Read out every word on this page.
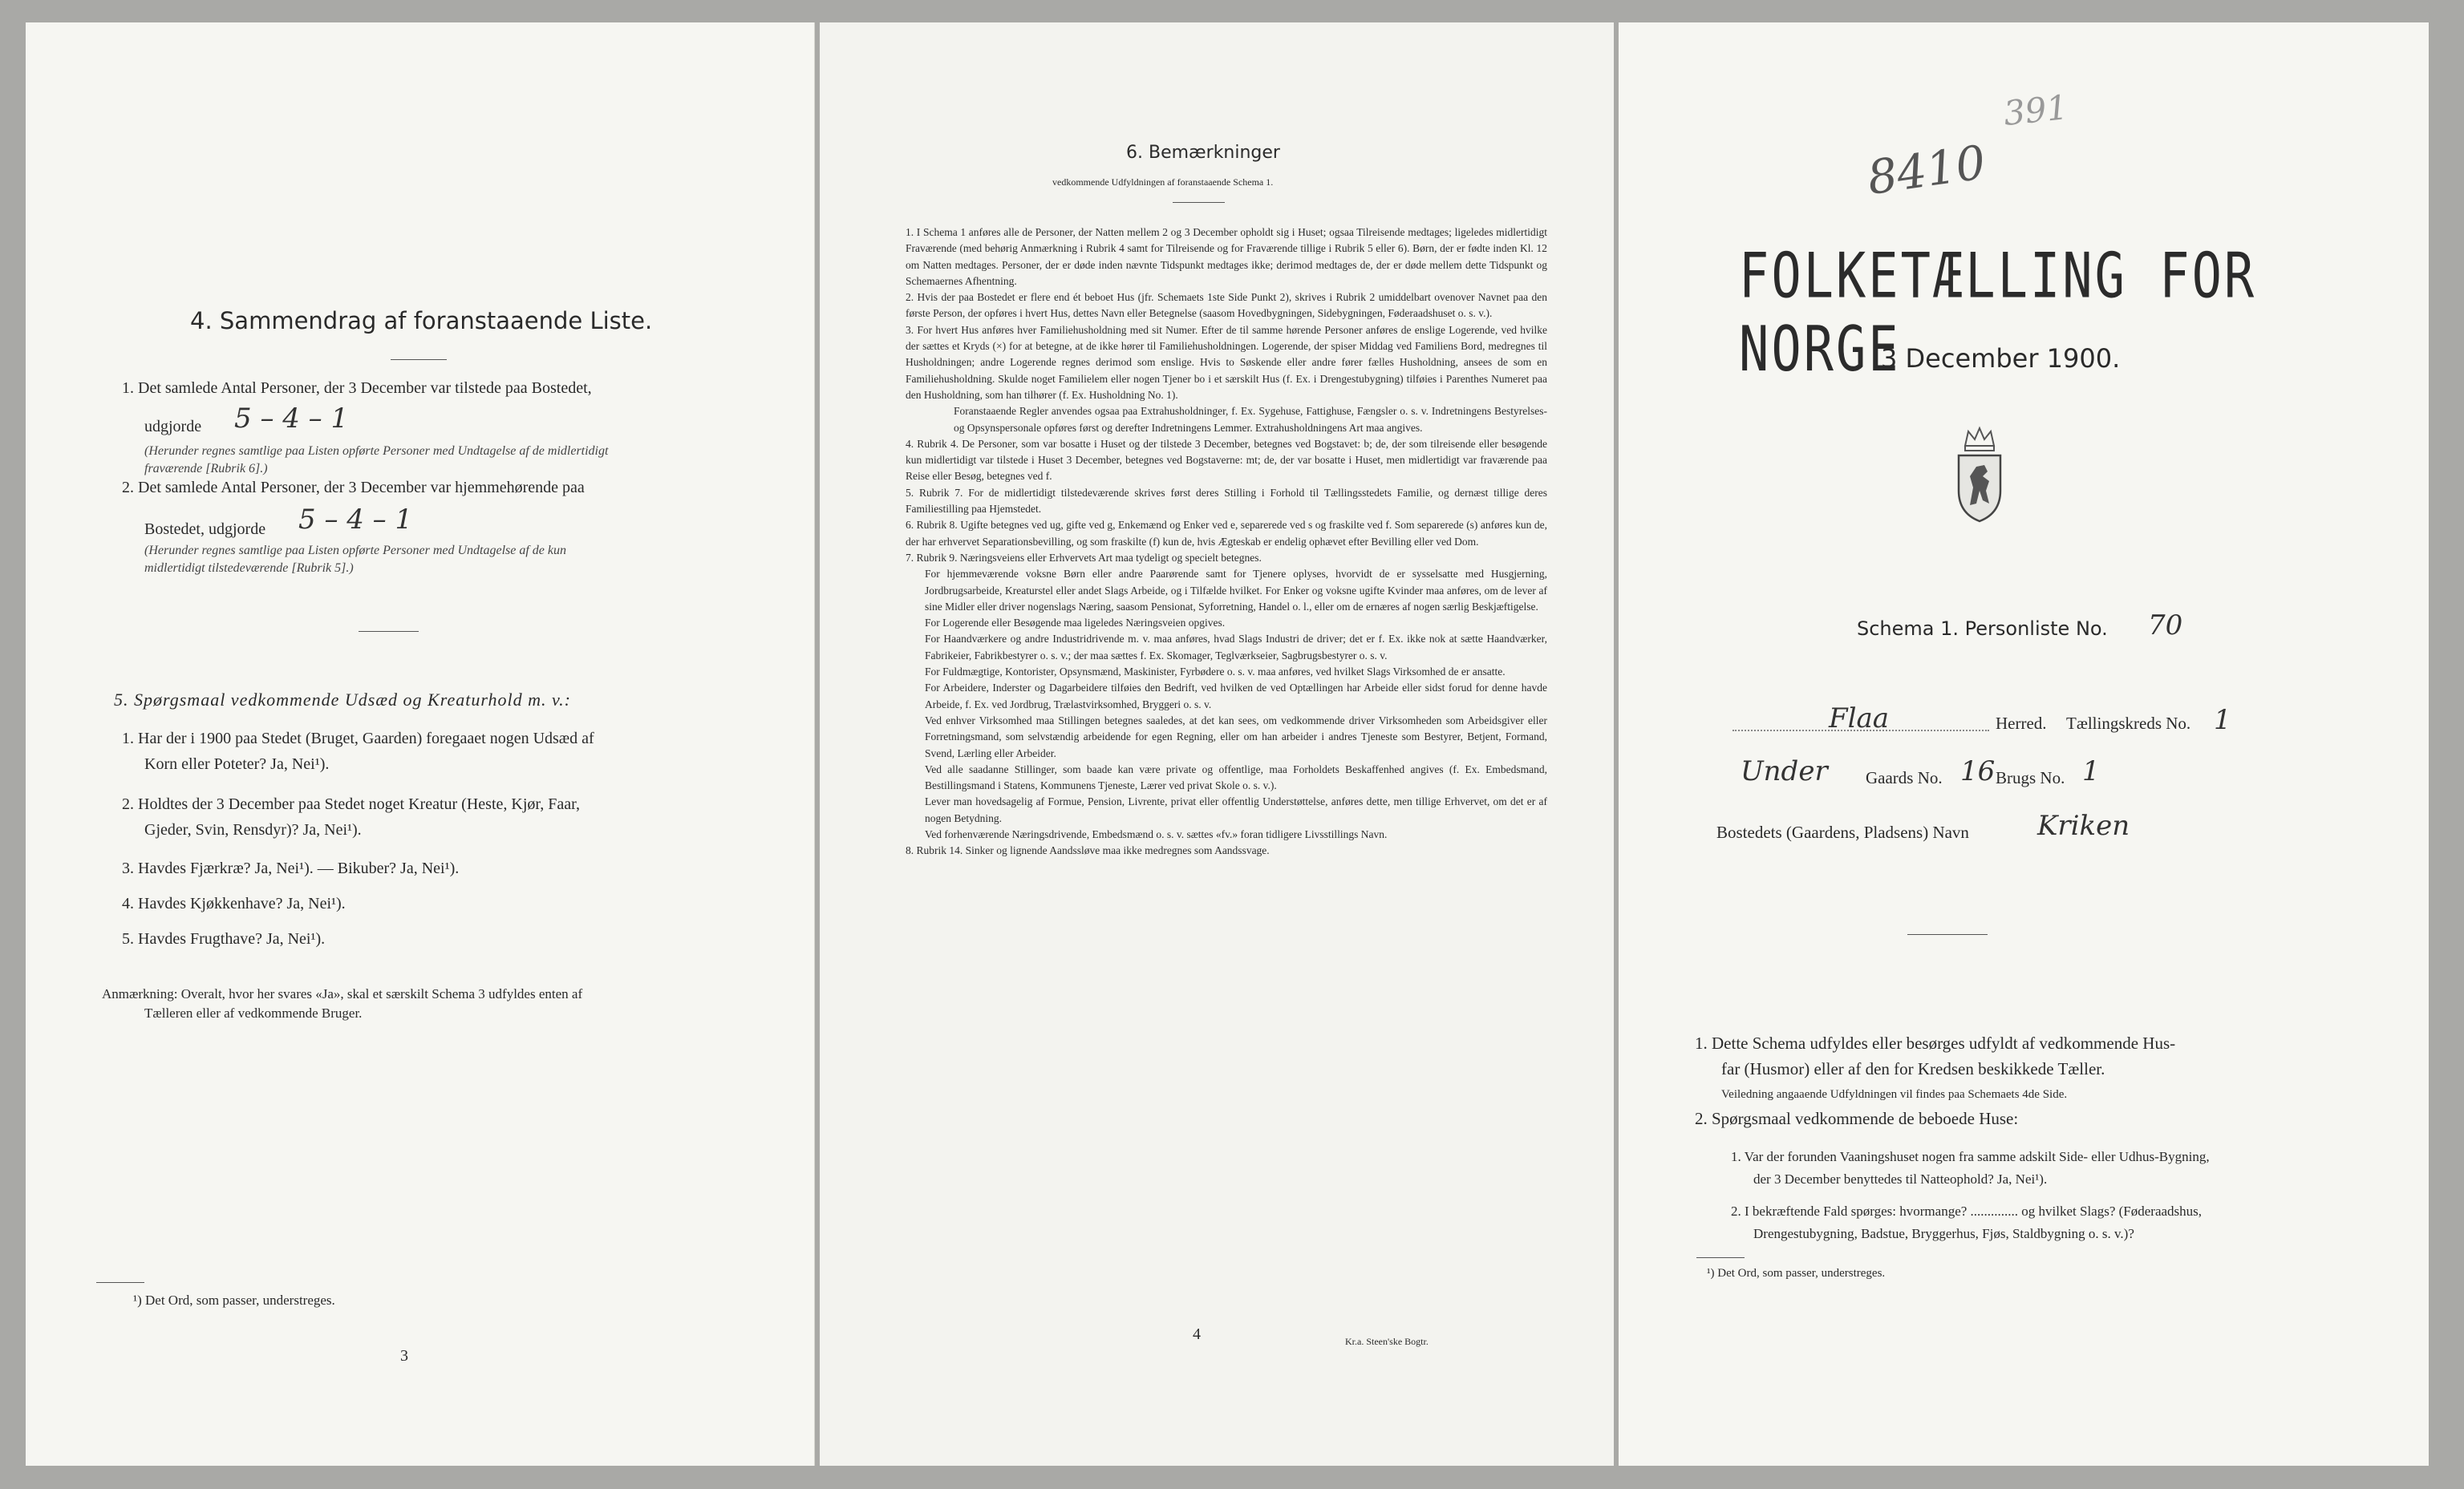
4. Sammendrag af foranstaaende Liste.
1. Det samlede Antal Personer, der 3 December var tilstede paa Bostedet,
udgjorde 5 – 4 – 1
(Herunder regnes samtlige paa Listen opførte Personer med Undtagelse af de midlertidigt
fraværende [Rubrik 6].)
2. Det samlede Antal Personer, der 3 December var hjemmehørende paa
Bostedet, udgjorde 5 – 4 – 1
(Herunder regnes samtlige paa Listen opførte Personer med Undtagelse af de kun
midlertidigt tilstedeværende [Rubrik 5].)
5. Spørgsmaal vedkommende Udsæd og Kreaturhold m. v.:
1. Har der i 1900 paa Stedet (Bruget, Gaarden) foregaaet nogen Udsæd af
Korn eller Poteter? Ja, Nei¹).
2. Holdtes der 3 December paa Stedet noget Kreatur (Heste, Kjør, Faar,
Gjeder, Svin, Rensdyr)? Ja, Nei¹).
3. Havdes Fjærkræ? Ja, Nei¹). — Bikuber? Ja, Nei¹).
4. Havdes Kjøkkenhave? Ja, Nei¹).
5. Havdes Frugthave? Ja, Nei¹).
Anmærkning: Overalt, hvor her svares «Ja», skal et særskilt Schema 3 udfyldes enten af
Tælleren eller af vedkommende Bruger.
¹) Det Ord, som passer, understreges.
3
6. Bemærkninger
vedkommende Udfyldningen af foranstaaende Schema 1.

1. I Schema 1 anføres alle de Personer, der Natten mellem 2 og 3 December opholdt sig i Huset; ogsaa Tilreisende medtages; ligeledes midlertidigt Fraværende (med behørig Anmærkning i Rubrik 4 samt for Tilreisende og for Fraværende tillige i Rubrik 5 eller 6). Børn, der er fødte inden Kl. 12 om Natten medtages. Personer, der er døde inden nævnte Tidspunkt medtages ikke; derimod medtages de, der er døde mellem dette Tidspunkt og Schemaernes Afhentning.

2. Hvis der paa Bostedet er flere end ét beboet Hus (jfr. Schemaets 1ste Side Punkt 2), skrives i Rubrik 2 umiddelbart ovenover Navnet paa den første Person, der opføres i hvert Hus, dettes Navn eller Betegnelse (saasom Hovedbygningen, Sidebygningen, Føderaadshuset o. s. v.).

3. For hvert Hus anføres hver Familiehusholdning med sit Numer. Efter de til samme hørende Personer anføres de enslige Logerende, ved hvilke der sættes et Kryds (×) for at betegne, at de ikke hører til Familiehusholdningen. Logerende, der spiser Middag ved Familiens Bord, medregnes til Husholdningen; andre Logerende regnes derimod som enslige. Hvis to Søskende eller andre fører fælles Husholdning, ansees de som en Familiehusholdning. Skulde noget Familielem eller nogen Tjener bo i et særskilt Hus (f. Ex. i Drengestubygning) tilføies i Parenthes Numeret paa den Husholdning, som han tilhører (f. Ex. Husholdning No. 1).

Foranstaaende Regler anvendes ogsaa paa Extrahusholdninger, f. Ex. Sygehuse, Fattighuse, Fængsler o. s. v. Indretningens Bestyrelses- og Opsynspersonale opføres først og derefter Indretningens Lemmer. Extrahusholdningens Art maa angives.

4. Rubrik 4. De Personer, som var bosatte i Huset og der tilstede 3 December, betegnes ved Bogstavet: b; de, der som tilreisende eller besøgende kun midlertidigt var tilstede i Huset 3 December, betegnes ved Bogstaverne: mt; de, der var bosatte i Huset, men midlertidigt var fraværende paa Reise eller Besøg, betegnes ved f.

5. Rubrik 7. For de midlertidigt tilstedeværende skrives først deres Stilling i Forhold til Tællingsstedets Familie, og dernæst tillige deres Familiestilling paa Hjemstedet.

6. Rubrik 8. Ugifte betegnes ved ug, gifte ved g, Enkemænd og Enker ved e, separerede ved s og fraskilte ved f. Som separerede (s) anføres kun de, der har erhvervet Separationsbevilling, og som fraskilte (f) kun de, hvis Ægteskab er endelig ophævet efter Bevilling eller ved Dom.

7. Rubrik 9. Næringsveiens eller Erhvervets Art maa tydeligt og specielt betegnes.

For hjemmeværende voksne Børn eller andre Paarørende samt for Tjenere oplyses, hvorvidt de er sysselsatte med Husgjerning, Jordbrugsarbeide, Kreaturstel eller andet Slags Arbeide, og i Tilfælde hvilket. For Enker og voksne ugifte Kvinder maa anføres, om de lever af sine Midler eller driver nogenslags Næring, saasom Pensionat, Syforretning, Handel o. l., eller om de ernæres af nogen særlig Beskjæftigelse.

For Logerende eller Besøgende maa ligeledes Næringsveien opgives.

For Haandværkere og andre Industridrivende m. v. maa anføres, hvad Slags Industri de driver; det er f. Ex. ikke nok at sætte Haandværker, Fabrikeier, Fabrikbestyrer o. s. v.; der maa sættes f. Ex. Skomager, Teglværkseier, Sagbrugsbestyrer o. s. v.

For Fuldmægtige, Kontorister, Opsynsmænd, Maskinister, Fyrbødere o. s. v. maa anføres, ved hvilket Slags Virksomhed de er ansatte.

For Arbeidere, Inderster og Dagarbeidere tilføies den Bedrift, ved hvilken de ved Optællingen har Arbeide eller sidst forud for denne havde Arbeide, f. Ex. ved Jordbrug, Trælastvirksomhed, Bryggeri o. s. v.

Ved enhver Virksomhed maa Stillingen betegnes saaledes, at det kan sees, om vedkommende driver Virksomheden som Arbeidsgiver eller Forretningsmand, som selvstændig arbeidende for egen Regning, eller om han arbeider i andres Tjeneste som Bestyrer, Betjent, Formand, Svend, Lærling eller Arbeider.

Ved alle saadanne Stillinger, som baade kan være private og offentlige, maa Forholdets Beskaffenhed angives (f. Ex. Embedsmand, Bestillingsmand i Statens, Kommunens Tjeneste, Lærer ved privat Skole o. s. v.).

Lever man hovedsagelig af Formue, Pension, Livrente, privat eller offentlig Understøttelse, anføres dette, men tillige Erhvervet, om det er af nogen Betydning.

Ved forhenværende Næringsdrivende, Embedsmænd o. s. v. sættes «fv.» foran tidligere Livsstillings Navn.

8. Rubrik 14. Sinker og lignende Aandssløve maa ikke medregnes som Aandssvage.

4	Kr.a. Steen'ske Bogtr.
391
8410
FOLKETÆLLING FOR NORGE
3 December 1900.
Schema 1. Personliste No. 70
Flaa	Herred. Tællingskreds No. 1
Under Gaards No. 16 Brugs No. 1
Bostedets (Gaardens, Pladsens) Navn	Kriken
1. Dette Schema udfyldes eller besørges udfyldt af vedkommende Hus-
far (Husmor) eller af den for Kredsen beskikkede Tæller.
Veiledning angaaende Udfyldningen vil findes paa Schemaets 4de Side.
2. Spørgsmaal vedkommende de beboede Huse:
1. Var der forunden Vaaningshuset nogen fra samme adskilt Side- eller Udhus-Bygning,
der 3 December benyttedes til Natteophold? Ja, Nei¹).
2. I bekræftende Fald spørges: hvormange? .............. og hvilket Slags? (Føderaadshus,
Drengestubygning, Badstue, Bryggerhus, Fjøs, Staldbygning o. s. v.)?
¹) Det Ord, som passer, understreges.
